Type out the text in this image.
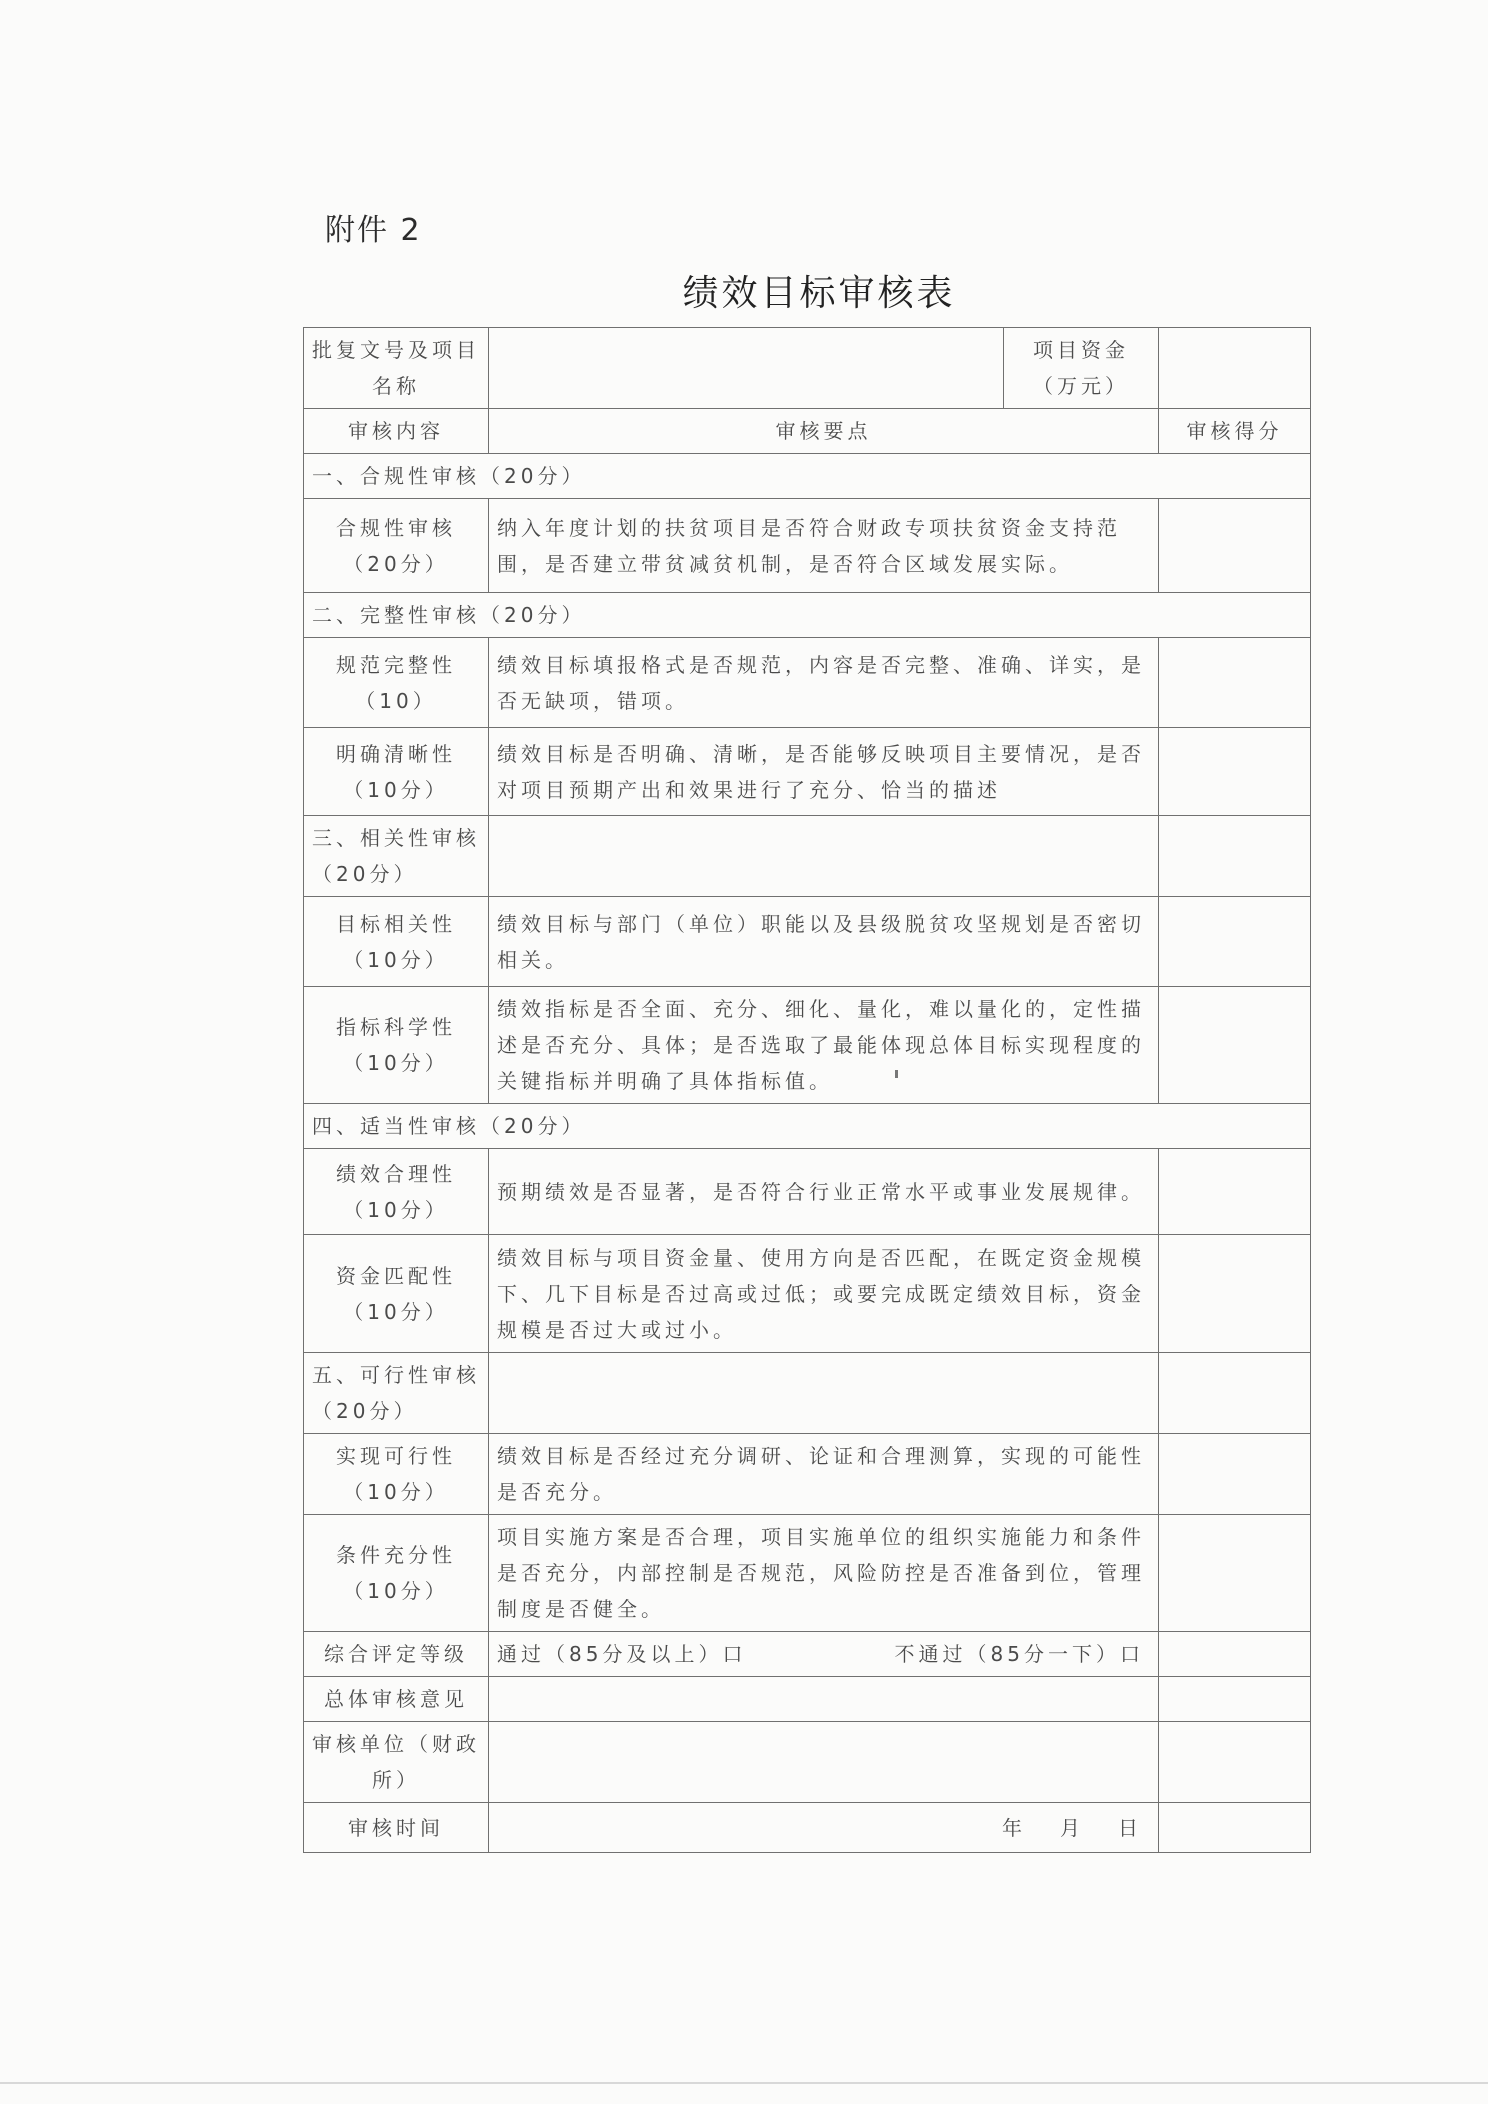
附件 2
绩效目标审核表
批复文号及项目名称		项目资金（万元）	
审核内容	审核要点		审核得分
一、合规性审核（20分）			
合规性审核（20分）	纳入年度计划的扶贫项目是否符合财政专项扶贫资金支持范围，是否建立带贫减贫机制，是否符合区域发展实际。		
二、完整性审核（20分）			
规范完整性（10）	绩效目标填报格式是否规范，内容是否完整、准确、详实，是否无缺项，错项。		
明确清晰性（10分）	绩效目标是否明确、清晰，是否能够反映项目主要情况，是否对项目预期产出和效果进行了充分、恰当的描述		
三、相关性审核（20分）			
目标相关性（10分）	绩效目标与部门（单位）职能以及县级脱贫攻坚规划是否密切相关。		
指标科学性（10分）	绩效指标是否全面、充分、细化、量化，难以量化的，定性描述是否充分、具体；是否选取了最能体现总体目标实现程度的关键指标并明确了具体指标值。		
四、适当性审核（20分）			
绩效合理性（10分）	预期绩效是否显著，是否符合行业正常水平或事业发展规律。		
资金匹配性（10分）	绩效目标与项目资金量、使用方向是否匹配，在既定资金规模下、几下目标是否过高或过低；或要完成既定绩效目标，资金规模是否过大或过小。		
五、可行性审核（20分）			
实现可行性（10分）	绩效目标是否经过充分调研、论证和合理测算，实现的可能性是否充分。		
条件充分性（10分）	项目实施方案是否合理，项目实施单位的组织实施能力和条件是否充分，内部控制是否规范，风险防控是否准备到位，管理制度是否健全。		
综合评定等级	通过（85分及以上）口 不通过（85分一下）口		

总体审核意见			
审核单位（财政所）			
审核时间	年 月 日		
